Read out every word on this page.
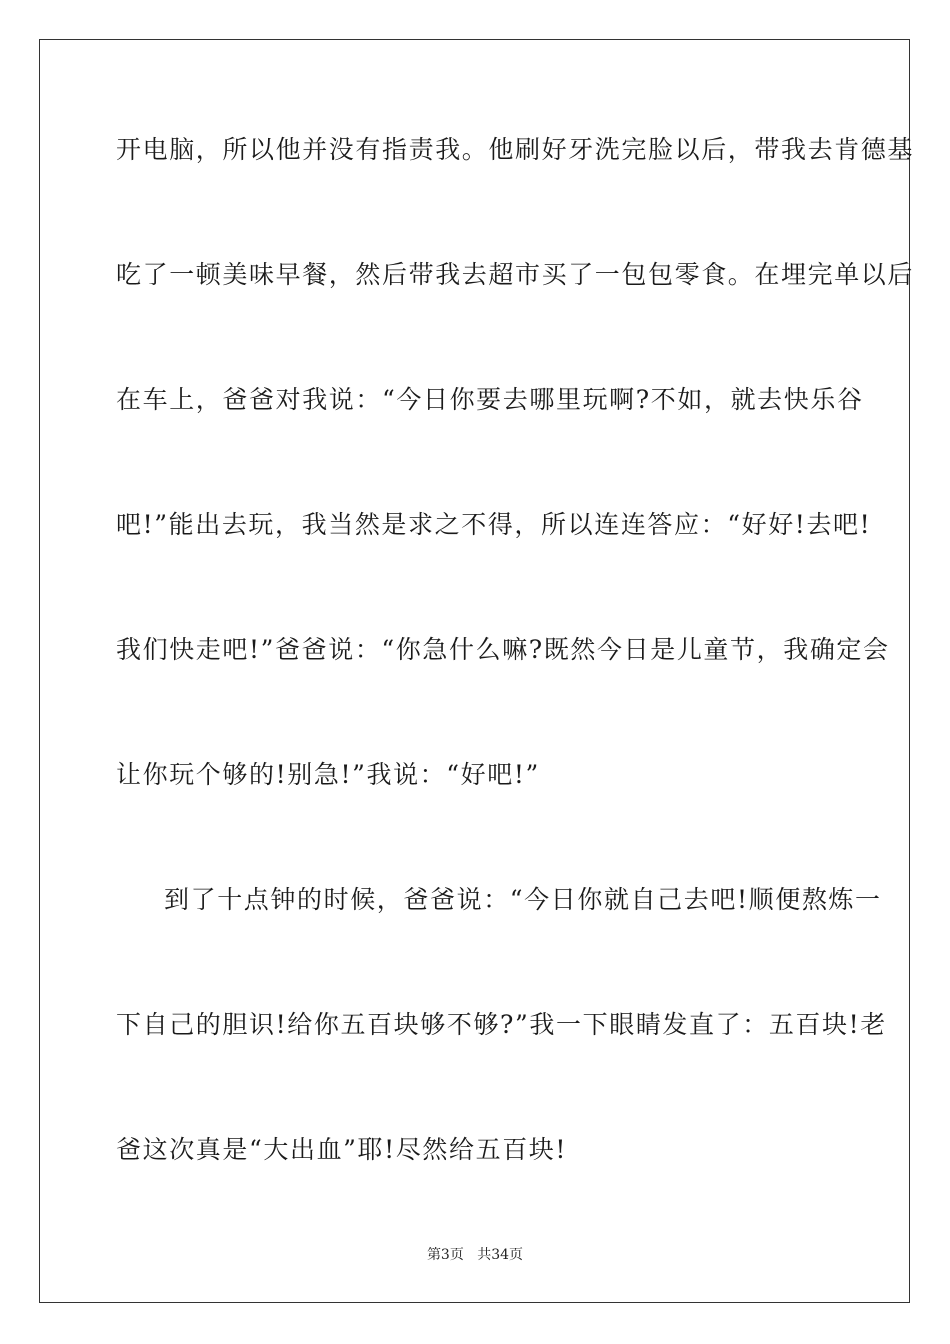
开电脑，所以他并没有指责我。他刷好牙洗完脸以后，带我去肯德基
吃了一顿美味早餐，然后带我去超市买了一包包零食。在埋完单以后
在车上，爸爸对我说：“今日你要去哪里玩啊?不如，就去快乐谷
吧!”能出去玩，我当然是求之不得，所以连连答应：“好好!去吧!
我们快走吧!”爸爸说：“你急什么嘛?既然今日是儿童节，我确定会
让你玩个够的!别急!”我说：“好吧!”
到了十点钟的时候，爸爸说：“今日你就自己去吧!顺便熬炼一
下自己的胆识!给你五百块够不够?”我一下眼睛发直了：五百块!老
爸这次真是“大出血”耶!尽然给五百块!
第3页 共34页
